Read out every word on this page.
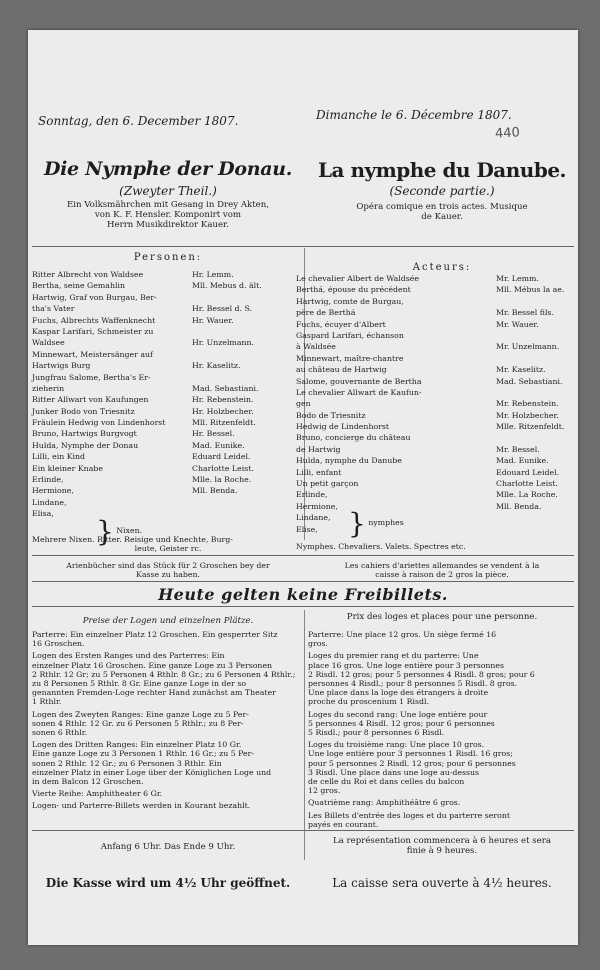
440
Sonntag, den 6. December 1807.	Dimanche le 6. Décembre 1807.
Die Nymphe der Donau.	La nymphe du Danube.
(Zweyter Theil.)	(Seconde partie.)
Ein Volksmährchen mit Gesang in Drey Akten,
von K. F. Hensler. Komponirt vom
Herrn Musikdirektor Kauer.
Opéra comique en trois actes. Musique
de Kauer.
Personen:
Acteurs:
Ritter Albrecht von Waldsee	Hr. Lemm.
Bertha, seine Gemahlin	Mll. Mebus d. ält.
Hartwig, Graf von Burgau, Ber-
tha's Vater	Hr. Bessel d. S.
Fuchs, Albrechts Waffenknecht	Hr. Wauer.
Kaspar Larifari, Schmeister zu
Waldsee	Hr. Unzelmann.
Minnewart, Meistersänger auf
Hartwigs Burg	Hr. Kaselitz.
Jungfrau Salome, Bertha's Er-
zieherin	Mad. Sebastiani.
Ritter Allwart von Kaufungen	Hr. Rebenstein.
Junker Bodo von Triesnitz	Hr. Holzbecher.
Fräulein Hedwig von Lindenhorst	Mll. Ritzenfeldt.
Bruno, Hartwigs Burgvogt	Hr. Bessel.
Hulda, Nymphe der Donau	Mad. Eunike.
Lilli, ein Kind	Eduard Leidel.
Ein kleiner Knabe	Charlotte Leist.
Erlinde,	Mlle. la Roche.
Hermione,	Mll. Benda.
Lindane,
Elisa,
} Nixen.
Mehrere Nixen. Ritter. Reisige und Knechte, Burg-
leute, Geister rc.
Le chevalier Albert de Waldsée	Mr. Lemm.
Berthá, épouse du précédent	Mll. Mébus la ae.
Hartwig, comte de Burgau,
père de Berthá	Mr. Bessel fils.
Fuchs, écuyer d'Albert	Mr. Wauer.
Gaspard Larifari, échanson
à Waldsée	Mr. Unzelmann.
Minnewart, maître-chantre
au château de Hartwig	Mr. Kaselitz.
Salome, gouvernante de Bertha	Mad. Sebastiani.
Le chevalier Allwart de Kaufun-
gen	Mr. Rebenstein.
Bodo de Triesnitz	Mr. Holzbecher.
Hedwig de Lindenhorst	Mlle. Ritzenfeldt.
Bruno, concierge du château
de Hartwig	Mr. Bessel.
Hulda, nymphe du Danube	Mad. Eunike.
Lilli, enfant	Edouard Leidel.
Un petit garçon	Charlotte Leist.
Erlinde,	Mlle. La Roche.
Hermione,	Mll. Benda.
Lindane,
Elise, } nymphes
Nymphes. Chevaliers. Valets. Spectres etc.
Arienbücher sind das Stück für 2 Groschen bey der
Kasse zu haben.
Les cahiers d'ariettes allemandes se vendent à la
caisse à raison de 2 gros la pièce.
Heute gelten keine Freibillets.
Preise der Logen und einzelnen Plätze.	Prix des loges et places pour une personne.
Parterre: Ein einzelner Platz 12 Groschen. Ein gesperrter Sitz
16 Groschen.
Logen des Ersten Ranges und des Parterres: Ein
einzelner Platz 16 Groschen. Eine ganze Loge zu 3 Personen
2 Rthlr. 12 Gr; zu 5 Personen 4 Rthlr. 8 Gr.; zu 6 Personen 4 Rthlr.;
zu 8 Personen 5 Rthlr. 8 Gr. Eine ganze Loge in der so
genannten Fremden-Loge rechter Hand zunächst am Theater
1 Rthlr.
Logen des Zweyten Ranges: Eine ganze Loge zu 5 Per-
sonen 4 Rthlr. 12 Gr. zu 6 Personen 5 Rthlr.; zu 8 Per-
sonen 6 Rthlr.
Logen des Dritten Ranges: Ein einzelner Platz 10 Gr.
Eine ganze Loge zu 3 Personen 1 Rthlr. 16 Gr.; zu 5 Per-
sonen 2 Rthlr. 12 Gr.; zu 6 Personen 3 Rthlr. Ein
einzelner Platz in einer Loge über der Königlichen Loge und
in dem Balcon 12 Groschen.
Vierte Reihe: Amphitheater 6 Gr.
Logen- und Parterre-Billets werden in Kourant bezahlt.
Parterre: Une place 12 gros. Un siège fermé 16
gros.
Loges du premier rang et du parterre: Une
place 16 gros. Une loge entière pour 3 personnes
2 Risdl. 12 gros; pour 5 personnes 4 Risdl. 8 gros; pour 6
personnes 4 Risdl.; pour 8 personnes 5 Risdl. 8 gros.
Une place dans la loge des étrangers à droite
proche du proscenium 1 Risdl.
Loges du second rang: Une loge entière pour
5 personnes 4 Risdl. 12 gros; pour 6 personnes
5 Risdl.; pour 8 personnes 6 Risdl.
Loges du troisième rang: Une place 10 gros.
Une loge entière pour 3 personnes 1 Risdl. 16 gros;
pour 5 personnes 2 Risdl. 12 gros; pour 6 personnes
3 Risdl. Une place dans une loge au-dessus
de celle du Roi et dans celles du balcon
12 gros.
Quatrième rang: Amphithéâtre 6 gros.
Les Billets d'entrée des loges et du parterre seront
payés en courant.
Anfang 6 Uhr. Das Ende 9 Uhr.
La représentation commencera à 6 heures et sera
finie à 9 heures.
Die Kasse wird um 4½ Uhr geöffnet.	La caisse sera ouverte à 4½ heures.
